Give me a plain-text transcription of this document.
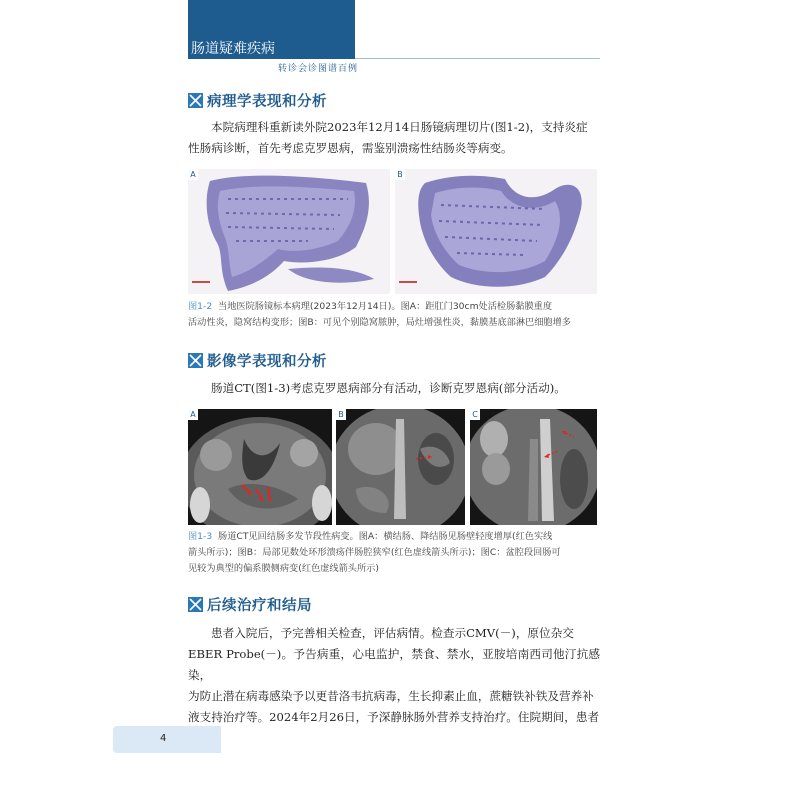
肠道疑难疾病
转诊会诊图谱百例
病理学表现和分析

本院病理科重新读外院2023年12月14日肠镜病理切片(图1-2)，支持炎症

性肠病诊断，首先考虑克罗恩病，需鉴别溃疡性结肠炎等病变。

A	B

图1-2 当地医院肠镜标本病理(2023年12月14日)。图A：距肛门30cm处活检肠黏膜重度

活动性炎，隐窝结构变形；图B：可见个别隐窝脓肿，局灶增强性炎，黏膜基底部淋巴细胞增多

影像学表现和分析

肠道CT(图1-3)考虑克罗恩病部分有活动，诊断克罗恩病(部分活动)。

A	B	C

图1-3 肠道CT见回结肠多发节段性病变。图A：横结肠、降结肠见肠壁轻度增厚(红色实线

箭头所示)；图B：局部见数处环形溃疡伴肠腔狭窄(红色虚线箭头所示)；图C：盆腔段回肠可

见较为典型的偏系膜侧病变(红色虚线箭头所示)

后续治疗和结局

患者入院后，予完善相关检查，评估病情。检查示CMV(－)，原位杂交

EBER Probe(－)。予告病重，心电监护，禁食、禁水，亚胺培南西司他汀抗感染，

为防止潜在病毒感染予以更昔洛韦抗病毒，生长抑素止血，蔗糖铁补铁及营养补

液支持治疗等。2024年2月26日，予深静脉肠外营养支持治疗。住院期间，患者

4
